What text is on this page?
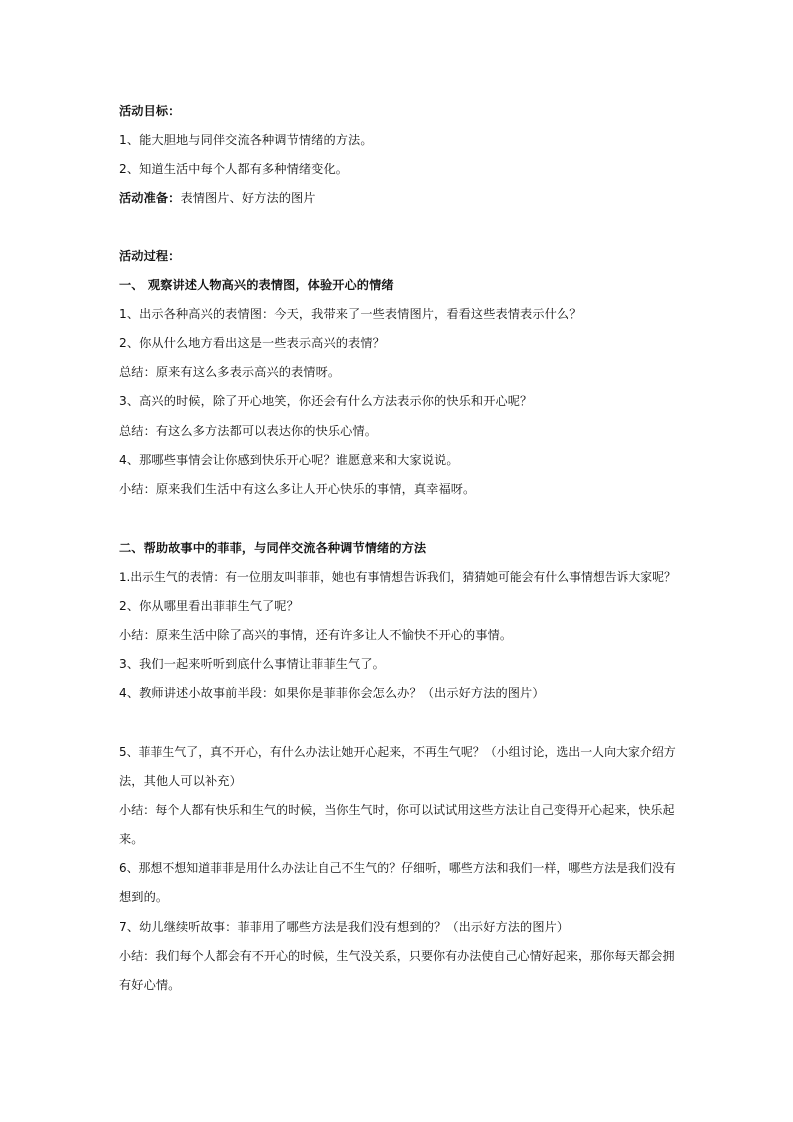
活动目标：
1、能大胆地与同伴交流各种调节情绪的方法。
2、知道生活中每个人都有多种情绪变化。
活动准备：表情图片、好方法的图片
活动过程：
一、 观察讲述人物高兴的表情图，体验开心的情绪
1、出示各种高兴的表情图：今天，我带来了一些表情图片，看看这些表情表示什么？
2、你从什么地方看出这是一些表示高兴的表情？
总结：原来有这么多表示高兴的表情呀。
3、高兴的时候，除了开心地笑，你还会有什么方法表示你的快乐和开心呢？
总结：有这么多方法都可以表达你的快乐心情。
4、那哪些事情会让你感到快乐开心呢？谁愿意来和大家说说。
小结：原来我们生活中有这么多让人开心快乐的事情，真幸福呀。
二、帮助故事中的菲菲，与同伴交流各种调节情绪的方法
1.出示生气的表情：有一位朋友叫菲菲，她也有事情想告诉我们，猜猜她可能会有什么事情想告诉大家呢？
2、你从哪里看出菲菲生气了呢？
小结：原来生活中除了高兴的事情，还有许多让人不愉快不开心的事情。
3、我们一起来听听到底什么事情让菲菲生气了。
4、教师讲述小故事前半段：如果你是菲菲你会怎么办？（出示好方法的图片）
5、菲菲生气了，真不开心，有什么办法让她开心起来，不再生气呢？（小组讨论，选出一人向大家介绍方
法，其他人可以补充）
小结：每个人都有快乐和生气的时候，当你生气时，你可以试试用这些方法让自己变得开心起来，快乐起
来。
6、那想不想知道菲菲是用什么办法让自己不生气的？仔细听，哪些方法和我们一样，哪些方法是我们没有
想到的。
7、幼儿继续听故事：菲菲用了哪些方法是我们没有想到的？（出示好方法的图片）
小结：我们每个人都会有不开心的时候，生气没关系，只要你有办法使自己心情好起来，那你每天都会拥
有好心情。
